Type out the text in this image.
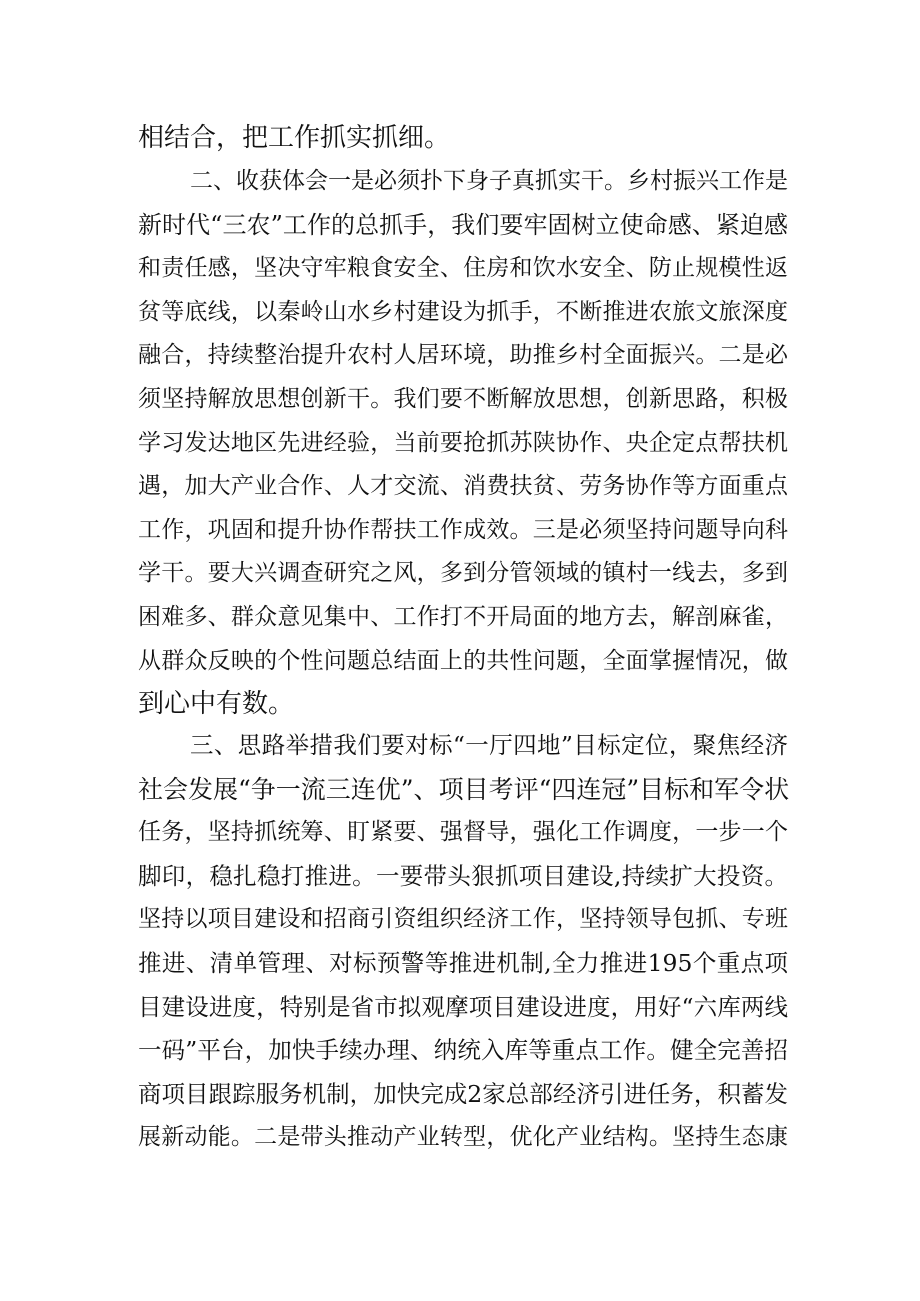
相结合，把工作抓实抓细。
二、收获体会一是必须扑下身子真抓实干。乡村振兴工作是
新时代“三农”工作的总抓手，我们要牢固树立使命感、紧迫感
和责任感，坚决守牢粮食安全、住房和饮水安全、防止规模性返
贫等底线，以秦岭山水乡村建设为抓手，不断推进农旅文旅深度
融合，持续整治提升农村人居环境，助推乡村全面振兴。二是必
须坚持解放思想创新干。我们要不断解放思想，创新思路，积极
学习发达地区先进经验，当前要抢抓苏陕协作、央企定点帮扶机
遇，加大产业合作、人才交流、消费扶贫、劳务协作等方面重点
工作，巩固和提升协作帮扶工作成效。三是必须坚持问题导向科
学干。要大兴调查研究之风，多到分管领域的镇村一线去，多到
困难多、群众意见集中、工作打不开局面的地方去，解剖麻雀，
从群众反映的个性问题总结面上的共性问题，全面掌握情况，做
到心中有数。
三、思路举措我们要对标“一厅四地”目标定位，聚焦经济
社会发展“争一流三连优”、项目考评“四连冠”目标和军令状
任务，坚持抓统筹、盯紧要、强督导，强化工作调度，一步一个
脚印，稳扎稳打推进。一要带头狠抓项目建设,持续扩大投资。
坚持以项目建设和招商引资组织经济工作，坚持领导包抓、专班
推进、清单管理、对标预警等推进机制,全力推进195个重点项
目建设进度，特别是省市拟观摩项目建设进度，用好“六库两线
一码”平台，加快手续办理、纳统入库等重点工作。健全完善招
商项目跟踪服务机制，加快完成2家总部经济引进任务，积蓄发
展新动能。二是带头推动产业转型，优化产业结构。坚持生态康
